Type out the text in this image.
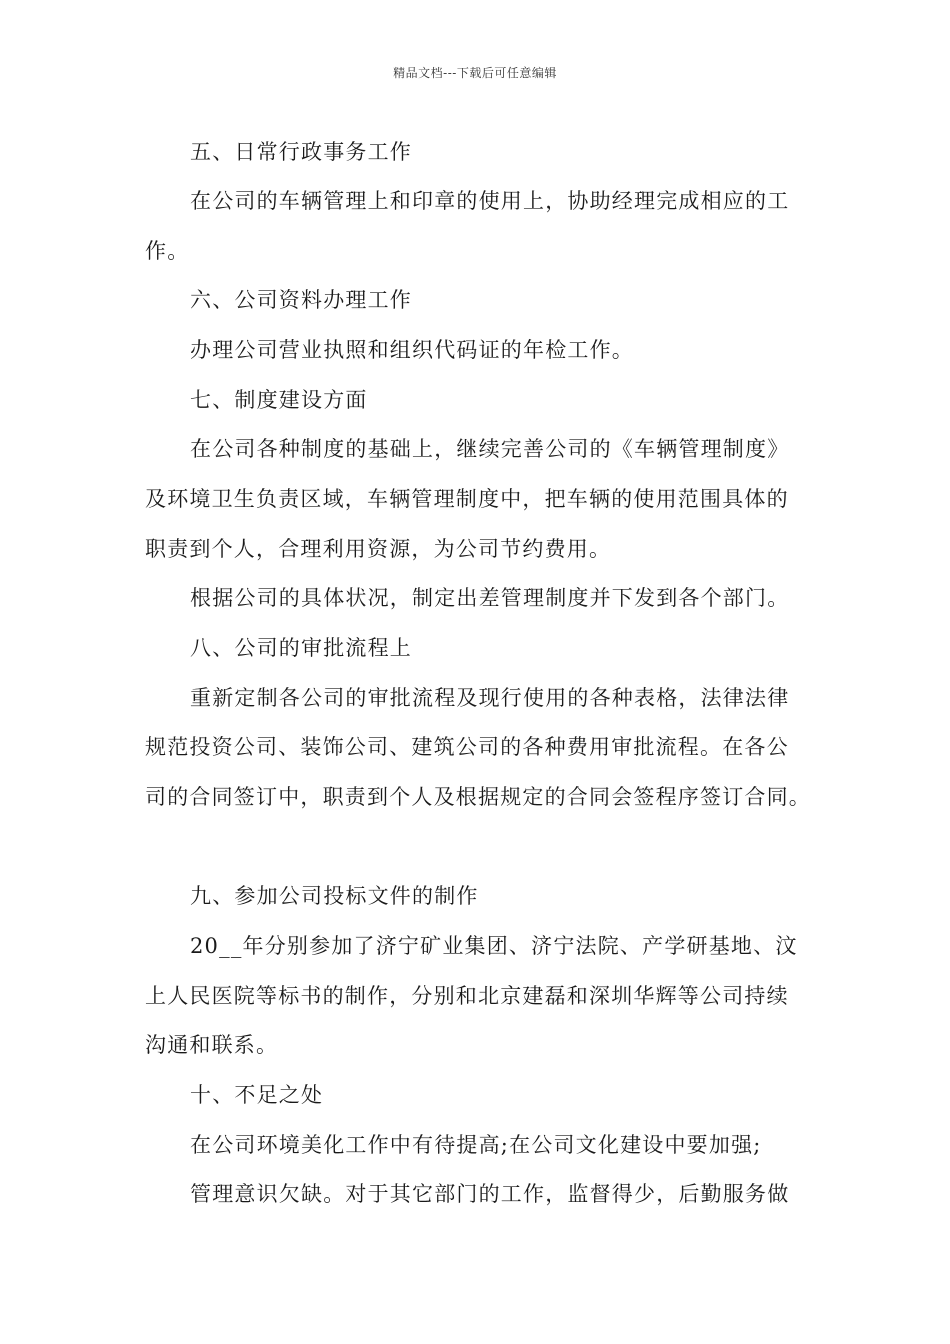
精品文档---下载后可任意编辑
五、日常行政事务工作
在公司的车辆管理上和印章的使用上，协助经理完成相应的工
作。
六、公司资料办理工作
办理公司营业执照和组织代码证的年检工作。
七、制度建设方面
在公司各种制度的基础上，继续完善公司的《车辆管理制度》
及环境卫生负责区域，车辆管理制度中，把车辆的使用范围具体的
职责到个人，合理利用资源，为公司节约费用。
根据公司的具体状况，制定出差管理制度并下发到各个部门。
八、公司的审批流程上
重新定制各公司的审批流程及现行使用的各种表格，法律法律
规范投资公司、装饰公司、建筑公司的各种费用审批流程。在各公
司的合同签订中，职责到个人及根据规定的合同会签程序签订合同。
九、参加公司投标文件的制作
20__年分别参加了济宁矿业集团、济宁法院、产学研基地、汶
上人民医院等标书的制作，分别和北京建磊和深圳华辉等公司持续
沟通和联系。
十、不足之处
在公司环境美化工作中有待提高;在公司文化建设中要加强;
管理意识欠缺。对于其它部门的工作，监督得少，后勤服务做
